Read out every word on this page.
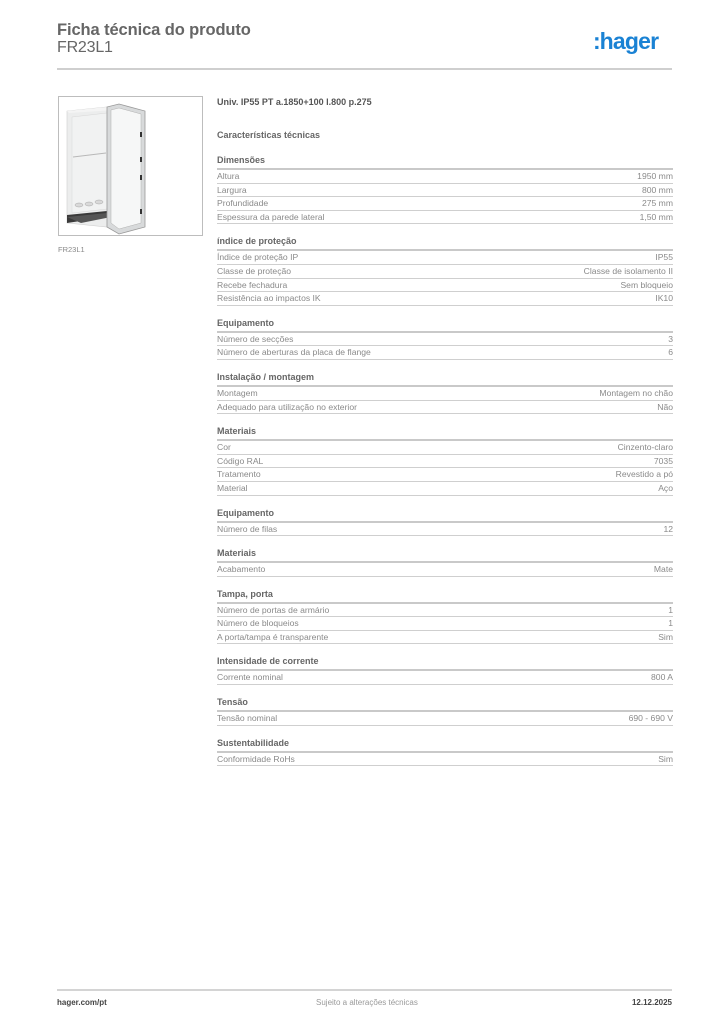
Ficha técnica do produto
FR23L1	:hager
FR23L1
Univ. IP55 PT a.1850+100 l.800 p.275
Características técnicas
Dimensões
Altura	1950 mm
Largura	800 mm
Profundidade	275 mm
Espessura da parede lateral	1,50 mm
índice de proteção
Índice de proteção IP	IP55
Classe de proteção	Classe de isolamento II
Recebe fechadura	Sem bloqueio
Resistência ao impactos IK	IK10
Equipamento
Número de secções	3
Número de aberturas da placa de flange	6
Instalação / montagem
Montagem	Montagem no chão
Adequado para utilização no exterior	Não
Materiais
Cor	Cinzento-claro
Código RAL	7035
Tratamento	Revestido a pó
Material	Aço
Equipamento
Número de filas	12
Materiais
Acabamento	Mate
Tampa, porta
Número de portas de armário	1
Número de bloqueios	1
A porta/tampa é transparente	Sim
Intensidade de corrente
Corrente nominal	800 A
Tensão
Tensão nominal	690 - 690 V
Sustentabilidade
Conformidade RoHs	Sim
hager.com/pt	Sujeito a alterações técnicas	12.12.2025
